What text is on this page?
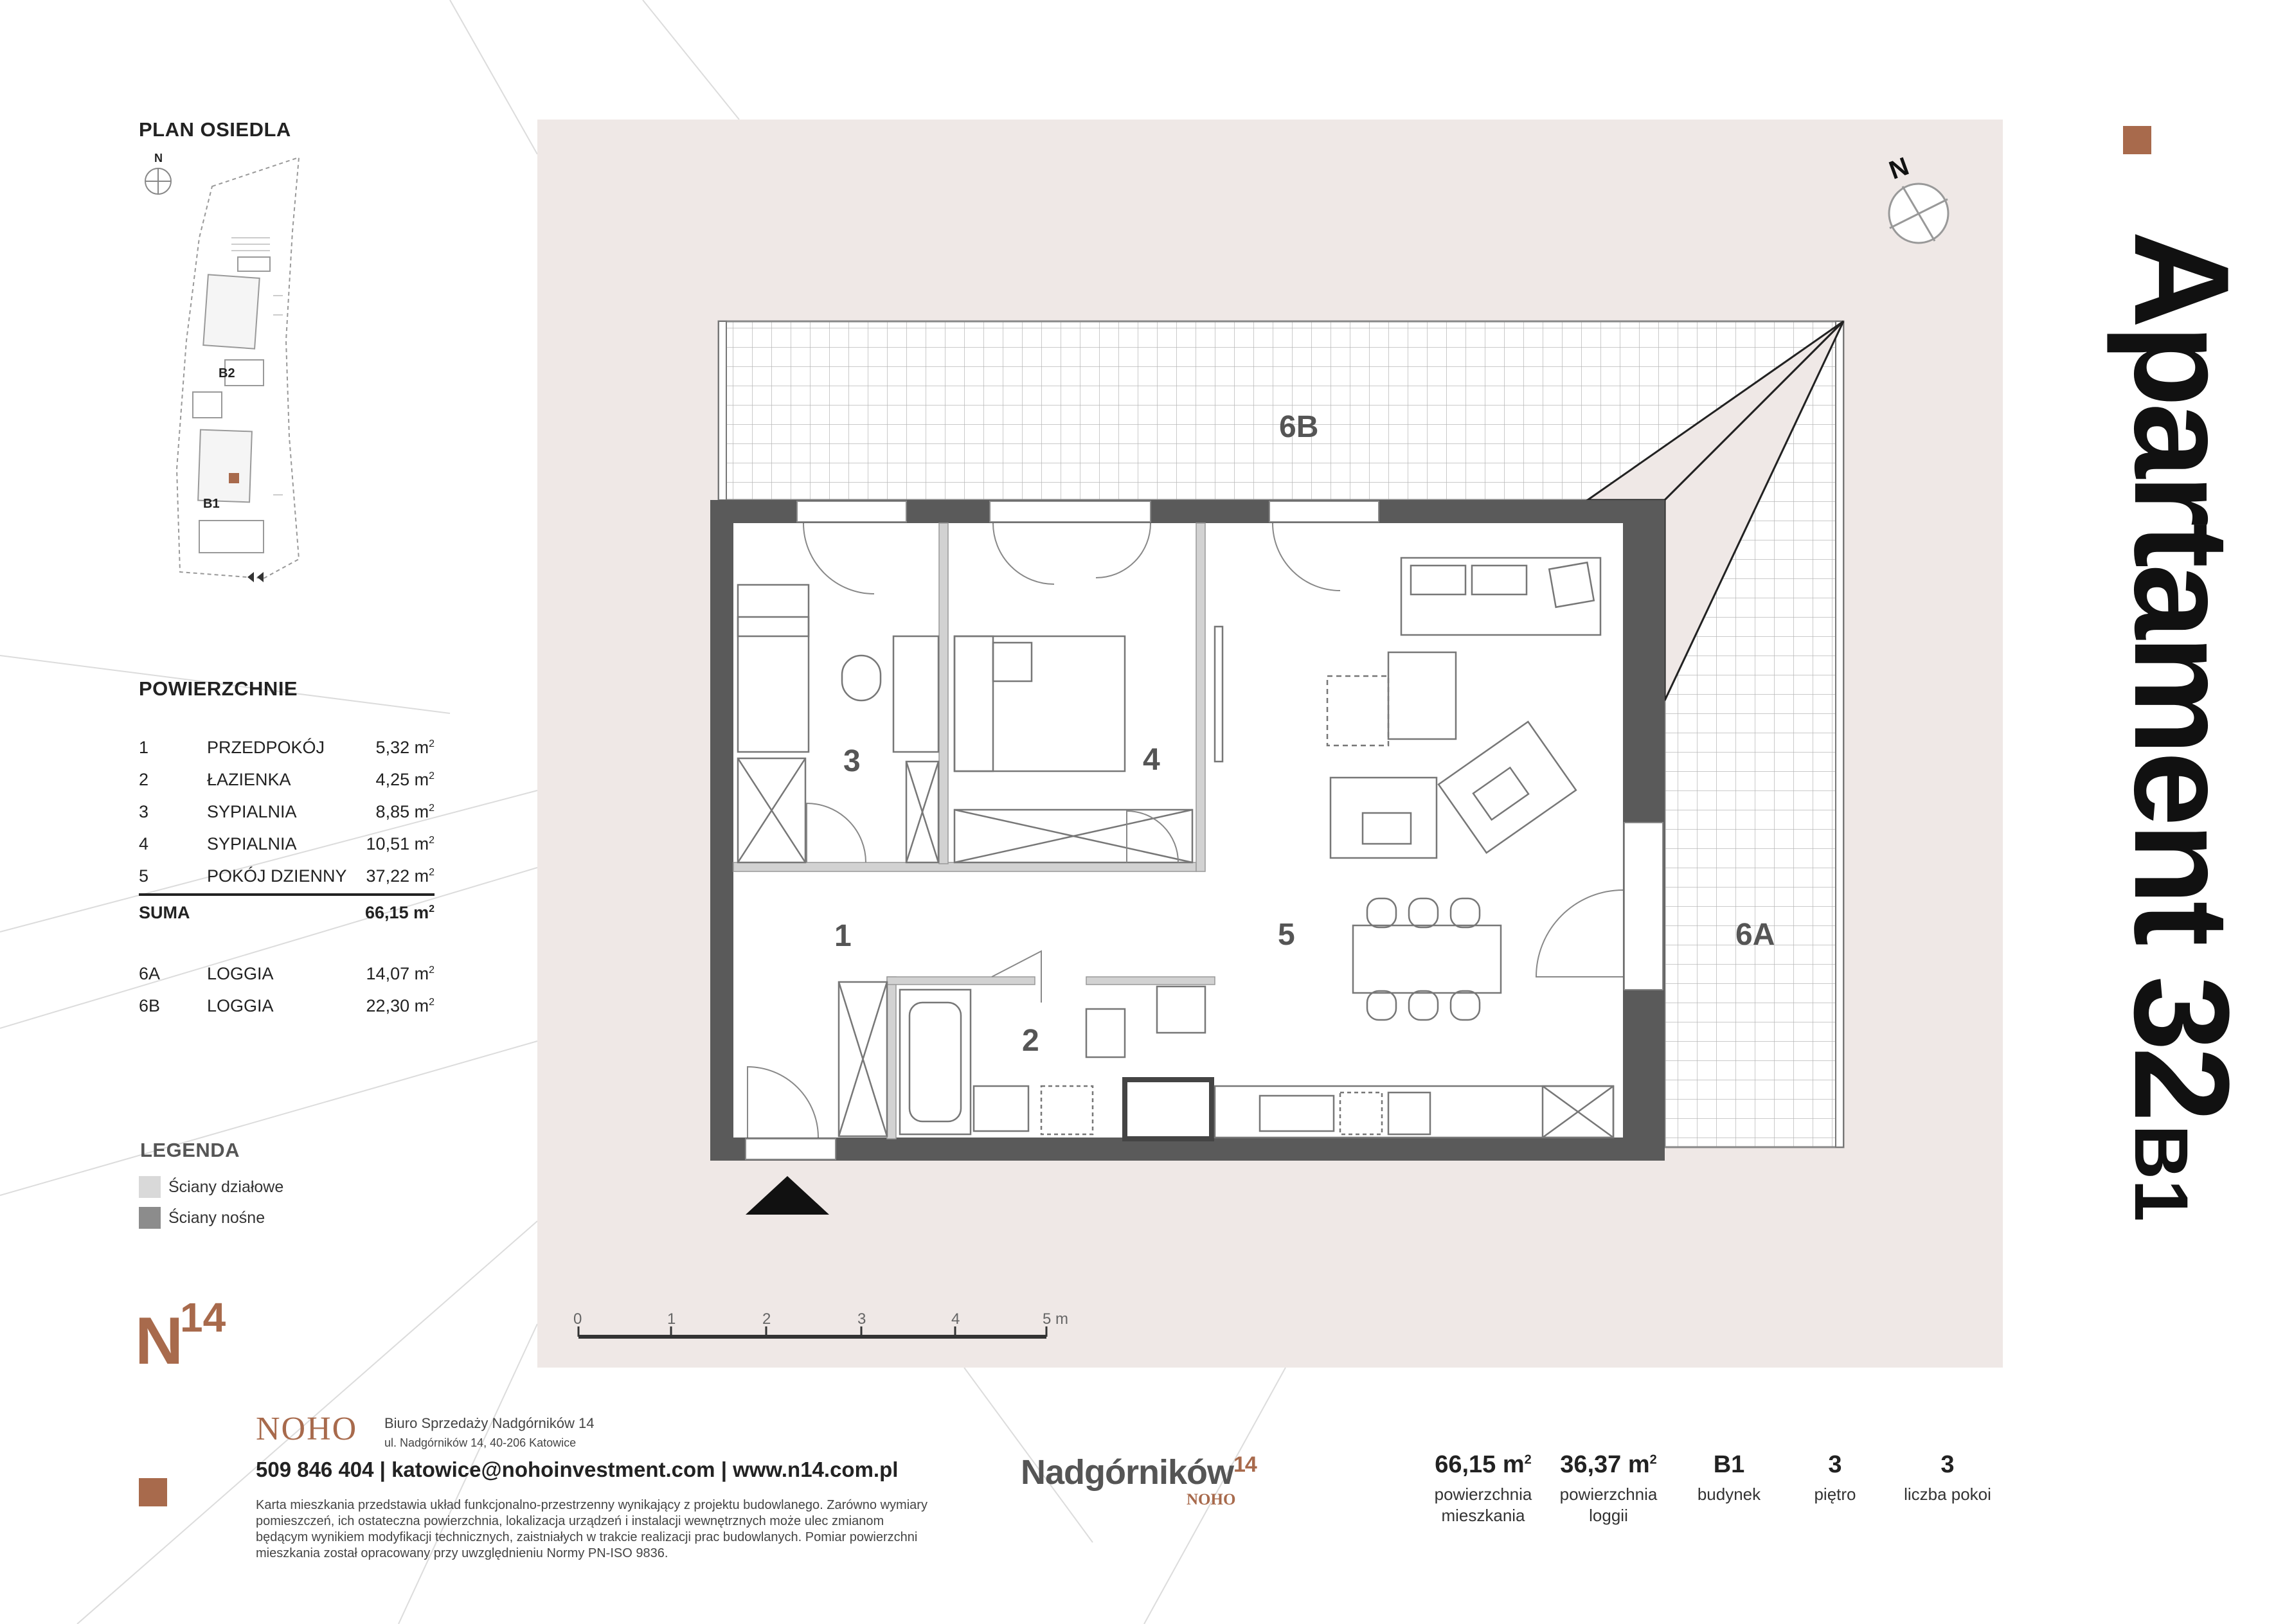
PLAN OSIEDLA
N
B2
B1
POWIERZCHNIE
1	PRZEDPOKÓJ	5,32 $m^2$
2	ŁAZIENKA	4,25 $m^2$
3	SYPIALNIA	8,85 $m^2$
4	SYPIALNIA	10,51 $m^2$
5	POKÓJ DZIENNY	37,22 $m^2$
SUMA	66,15 $m^2$
6A	LOGGIA	14,07 $m^2$
6B	LOGGIA	22,30 $m^2$
LEGENDA
Ściany działowe
Ściany nośne
N
14
N
3	4
1
2
5	6A
6B
0	1	2	3	4	5 m
Apartament 32B1
NOHO Biuro Sprzedaży Nadgórników 14
ul. Nadgórników 14, 40-206 Katowice
509 846 404 | katowice@nohoinvestment.com | www.n14.com.pl
Karta mieszkania przedstawia układ funkcjonalno-przestrzenny wynikający z projektu budowlanego. Zarówno wymiary pomieszczeń, ich ostateczna powierzchnia, lokalizacja urządzeń i instalacji wewnętrznych może ulec zmianom będącym wynikiem modyfikacji technicznych, zaistniałych w trakcie realizacji prac budowlanych. Pomiar powierzchni mieszkania został opracowany przy uwzględnieniu Normy PN-ISO 9836.
Nadgórników$^{14}$
NOHO
66,15 $m^2$
powierzchnia mieszkania
36,37 $m^2$
powierzchnia loggii
B1
budynek
3
piętro
3
liczba pokoi
